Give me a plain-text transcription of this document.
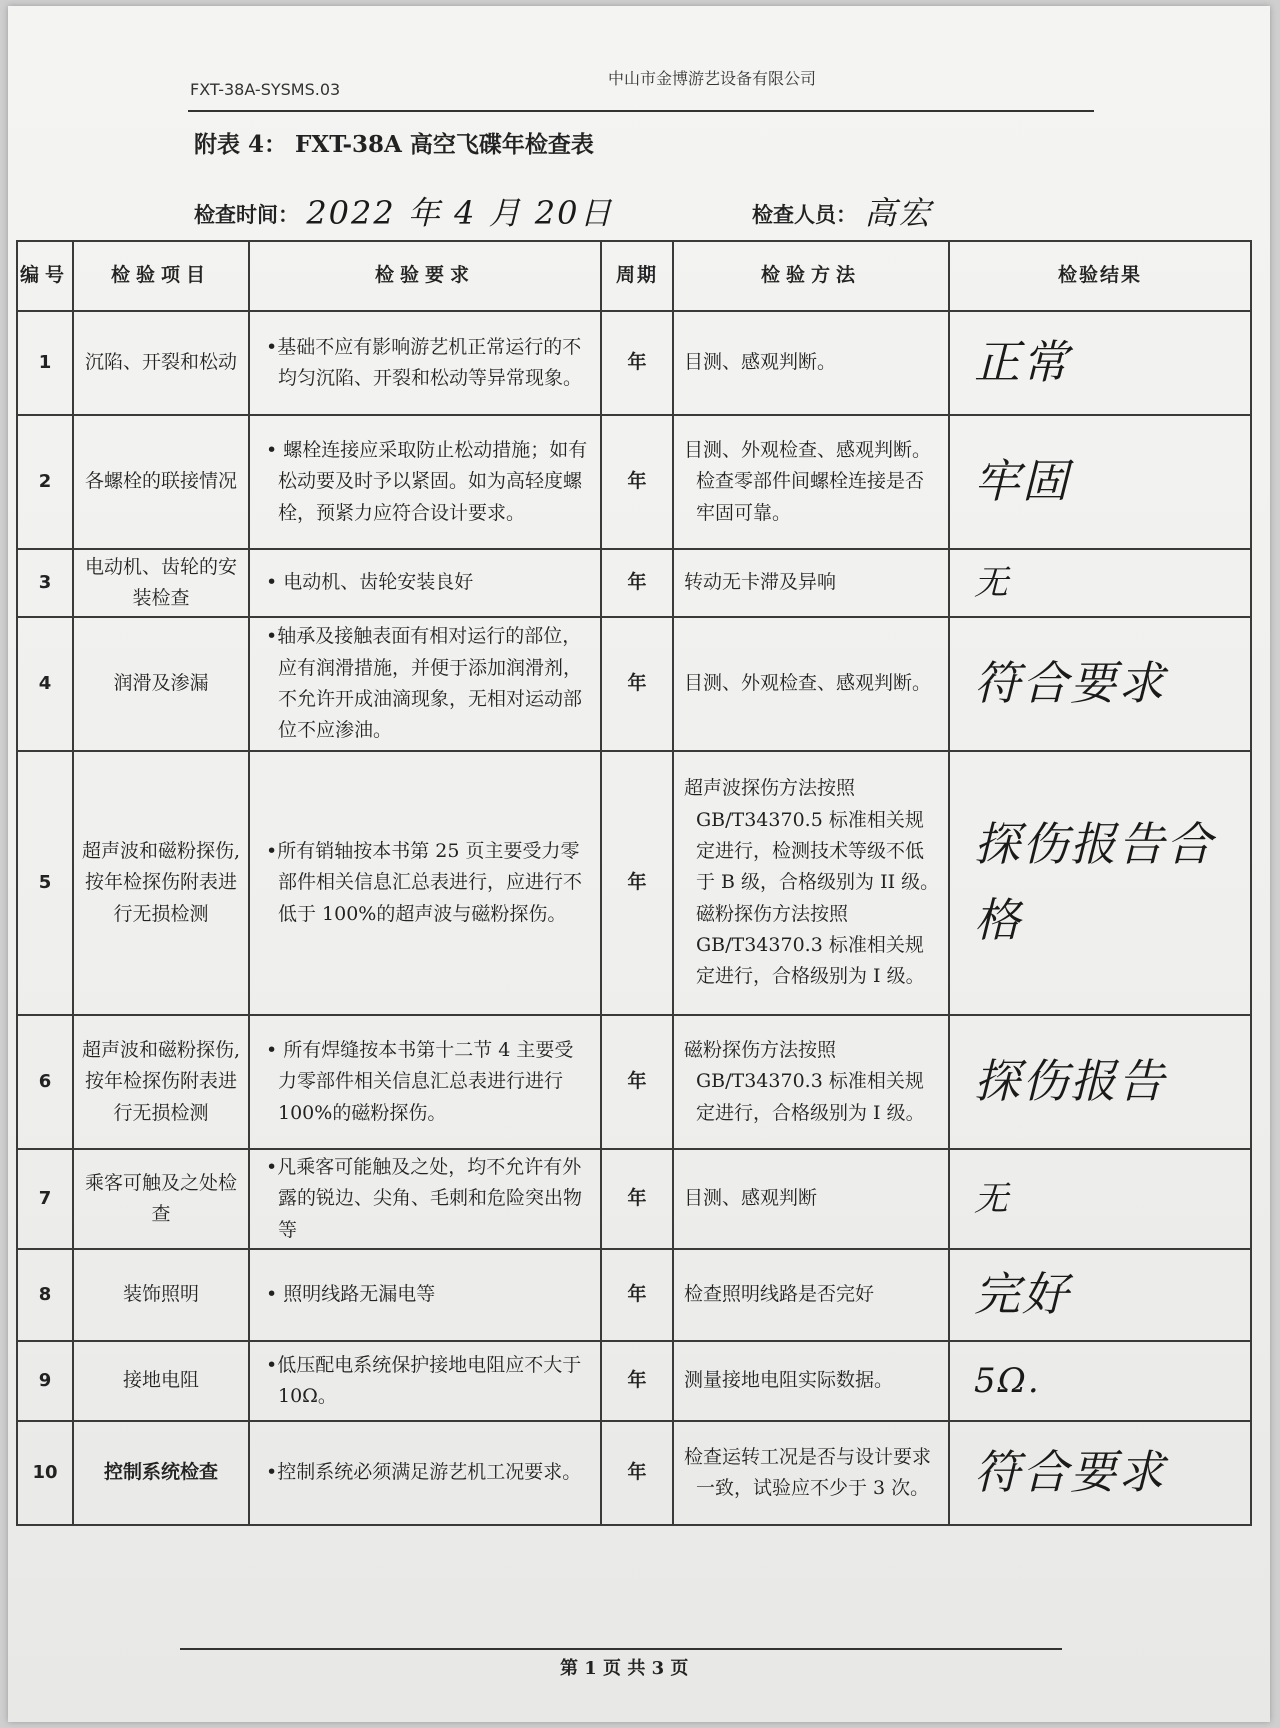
FXT-38A-SYSMS.03
中山市金博游艺设备有限公司
附表 4： FXT-38A 高空飞碟年检查表
检查时间： 2022 年 4 月 20日	检查人员： 高宏
编号	检验项目	检验要求	周期	检验方法	检验结果
1	沉陷、开裂和松动	•基础不应有影响游艺机正常运行的不均匀沉陷、开裂和松动等异常现象。	年	目测、感观判断。	正常
2	各螺栓的联接情况	• 螺栓连接应采取防止松动措施；如有松动要及时予以紧固。如为高轻度螺栓，预紧力应符合设计要求。	年	目测、外观检查、感观判断。检查零部件间螺栓连接是否牢固可靠。	牢固
3	电动机、齿轮的安装检查	• 电动机、齿轮安装良好	年	转动无卡滞及异响	无
4	润滑及渗漏	•轴承及接触表面有相对运行的部位，应有润滑措施，并便于添加润滑剂，不允许开成油滴现象，无相对运动部位不应渗油。	年	目测、外观检查、感观判断。	符合要求
5	超声波和磁粉探伤,按年检探伤附表进行无损检测	•所有销轴按本书第 25 页主要受力零部件相关信息汇总表进行，应进行不低于 100%的超声波与磁粉探伤。	年	超声波探伤方法按照GB/T34370.5 标准相关规定进行，检测技术等级不低于 B 级，合格级别为 II 级。磁粉探伤方法按照 GB/T34370.3 标准相关规定进行，合格级别为 I 级。	探伤报告合格
6	超声波和磁粉探伤,按年检探伤附表进行无损检测	• 所有焊缝按本书第十二节 4 主要受力零部件相关信息汇总表进行进行 100%的磁粉探伤。	年	磁粉探伤方法按照GB/T34370.3 标准相关规定进行，合格级别为 I 级。	探伤报告
7	乘客可触及之处检查	•凡乘客可能触及之处，均不允许有外露的锐边、尖角、毛刺和危险突出物等	年	目测、感观判断	无
8	装饰照明	• 照明线路无漏电等	年	检查照明线路是否完好	完好
9	接地电阻	•低压配电系统保护接地电阻应不大于 10Ω。	年	测量接地电阻实际数据。	5Ω.
10	控制系统检查	•控制系统必须满足游艺机工况要求。	年	检查运转工况是否与设计要求一致，试验应不少于 3 次。	符合要求
第 1 页 共 3 页
